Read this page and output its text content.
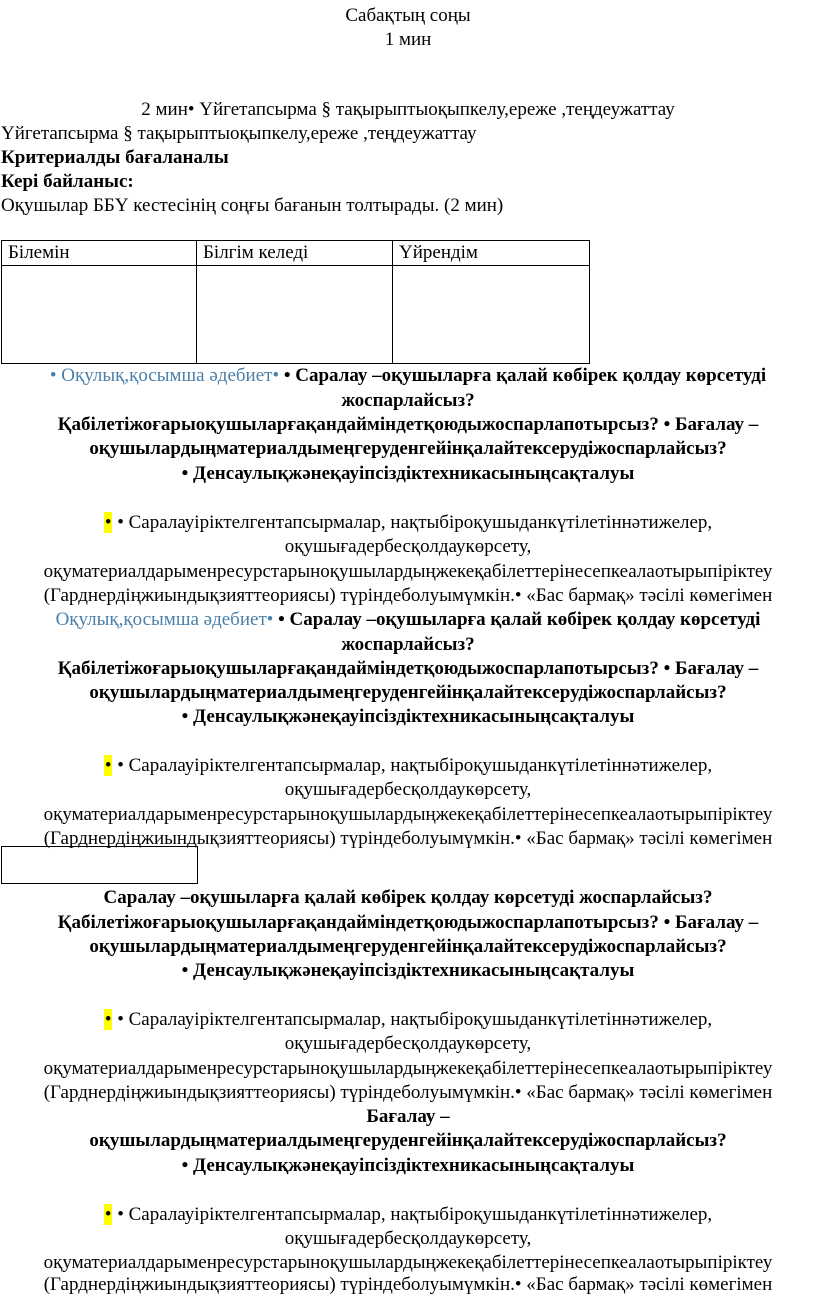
Сабақтың соңы
1 мин
2 мин• Үйгетапсырма § тақырыптыоқыпкелу,ереже ,теңдеужаттау
Үйгетапсырма § тақырыптыоқыпкелу,ереже ,теңдеужаттау
Критериалды бағаланалы
Кері байланыс:
Оқушылар ББҮ кестесінің соңғы бағанын толтырады. (2 мин)
Білемін	Білгім келеді	Үйрендім

• Оқулық,қосымша әдебиет• • Саралау –оқушыларға қалай көбірек қолдау көрсетуді
жоспарлайсыз?
Қабілетіжоғарыоқушыларғақандайміндетқоюдыжоспарлапотырсыз? • Бағалау –
оқушылардыңматериалдымеңгеруденгейінқалайтексерудіжоспарлайсыз?
• Денсаулықжәнеқауіпсіздіктехникасыныңсақталуы
• • Саралауіріктелгентапсырмалар, нақтыбіроқушыданкүтілетіннәтижелер,
оқушығадербесқолдаукөрсету,
оқуматериалдарыменресурстарыноқушылардыңжекеқабілеттерінесепкеалаотырыпіріктеу
(Гарднердіңжиындықзияттеориясы) түріндеболуымүмкін.• «Бас бармақ» тәсілі көмегімен
Оқулық,қосымша әдебиет• • Саралау –оқушыларға қалай көбірек қолдау көрсетуді
жоспарлайсыз?
Қабілетіжоғарыоқушыларғақандайміндетқоюдыжоспарлапотырсыз? • Бағалау –
оқушылардыңматериалдымеңгеруденгейінқалайтексерудіжоспарлайсыз?
• Денсаулықжәнеқауіпсіздіктехникасыныңсақталуы
• • Саралауіріктелгентапсырмалар, нақтыбіроқушыданкүтілетіннәтижелер,
оқушығадербесқолдаукөрсету,
оқуматериалдарыменресурстарыноқушылардыңжекеқабілеттерінесепкеалаотырыпіріктеу
(Гарднердіңжиындықзияттеориясы) түріндеболуымүмкін.• «Бас бармақ» тәсілі көмегімен
Саралау –оқушыларға қалай көбірек қолдау көрсетуді жоспарлайсыз?
Қабілетіжоғарыоқушыларғақандайміндетқоюдыжоспарлапотырсыз? • Бағалау –
оқушылардыңматериалдымеңгеруденгейінқалайтексерудіжоспарлайсыз?
• Денсаулықжәнеқауіпсіздіктехникасыныңсақталуы
• • Саралауіріктелгентапсырмалар, нақтыбіроқушыданкүтілетіннәтижелер,
оқушығадербесқолдаукөрсету,
оқуматериалдарыменресурстарыноқушылардыңжекеқабілеттерінесепкеалаотырыпіріктеу
(Гарднердіңжиындықзияттеориясы) түріндеболуымүмкін.• «Бас бармақ» тәсілі көмегімен
Бағалау –
оқушылардыңматериалдымеңгеруденгейінқалайтексерудіжоспарлайсыз?
• Денсаулықжәнеқауіпсіздіктехникасыныңсақталуы
• • Саралауіріктелгентапсырмалар, нақтыбіроқушыданкүтілетіннәтижелер,
оқушығадербесқолдаукөрсету,
оқуматериалдарыменресурстарыноқушылардыңжекеқабілеттерінесепкеалаотырыпіріктеу
(Гарднердіңжиындықзияттеориясы) түріндеболуымүмкін.• «Бас бармақ» тәсілі көмегімен
